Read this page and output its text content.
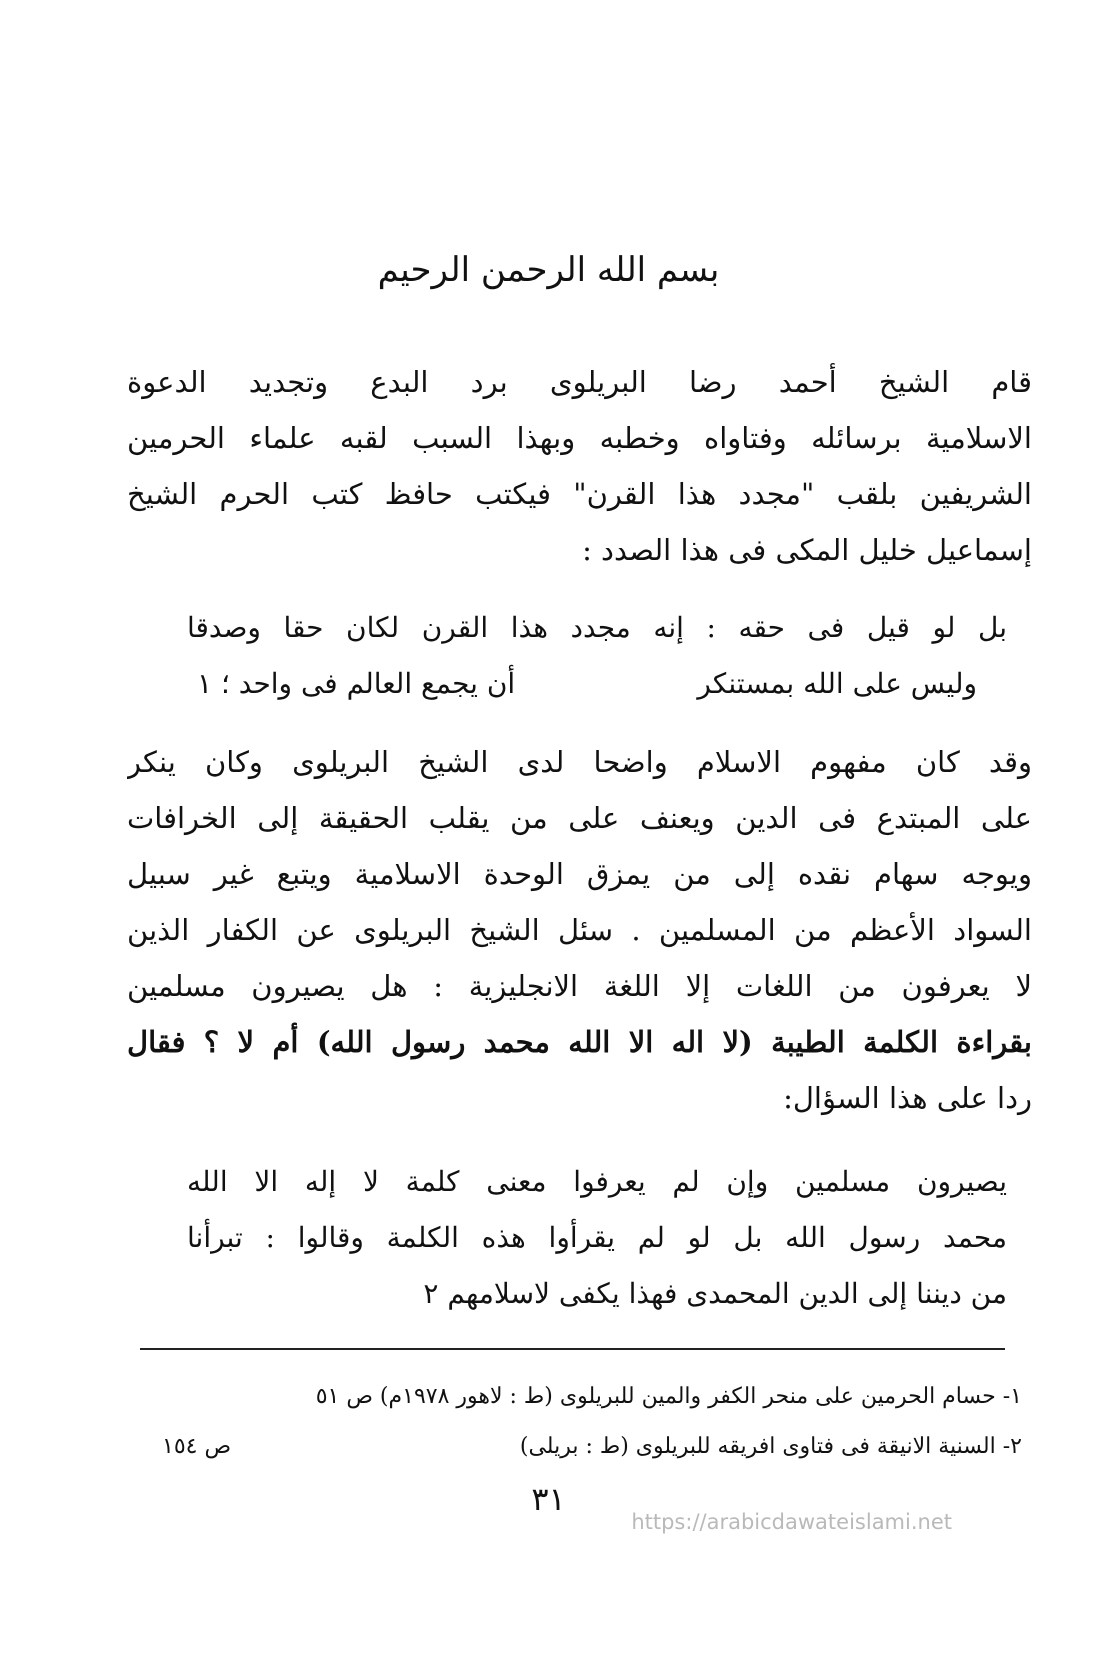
بسم الله الرحمن الرحيم
قام الشيخ أحمد رضا البريلوى برد البدع وتجديد الدعوة
الاسلامية برسائله وفتاواه وخطبه وبهذا السبب لقبه علماء الحرمين
الشريفين بلقب "مجدد هذا القرن" فيكتب حافظ كتب الحرم الشيخ
إسماعيل خليل المكى فى هذا الصدد :
بل لو قيل فى حقه : إنه مجدد هذا القرن لكان حقا وصدقا
وليس على الله بمستنكر
أن يجمع العالم فى واحد ؛ ١
وقد كان مفهوم الاسلام واضحا لدى الشيخ البريلوى وكان ينكر
على المبتدع فى الدين ويعنف على من يقلب الحقيقة إلى الخرافات
ويوجه سهام نقده إلى من يمزق الوحدة الاسلامية ويتبع غير سبيل
السواد الأعظم من المسلمين . سئل الشيخ البريلوى عن الكفار الذين
لا يعرفون من اللغات إلا اللغة الانجليزية : هل يصيرون مسلمين
بقراءة الكلمة الطيبة (لا اله الا الله محمد رسول الله) أم لا ؟ فقال
ردا على هذا السؤال:
يصيرون مسلمين وإن لم يعرفوا معنى كلمة لا إله الا الله
محمد رسول الله بل لو لم يقرأوا هذه الكلمة وقالوا : تبرأنا
من ديننا إلى الدين المحمدى فهذا يكفى لاسلامهم ٢
١- حسام الحرمين على منحر الكفر والمين للبريلوى (ط : لاهور ١٩٧٨م) ص ٥١
٢- السنية الانيقة فى فتاوى افريقه للبريلوى (ط : بريلى)
ص ١٥٤
٣١
https://arabicdawateislami.net
